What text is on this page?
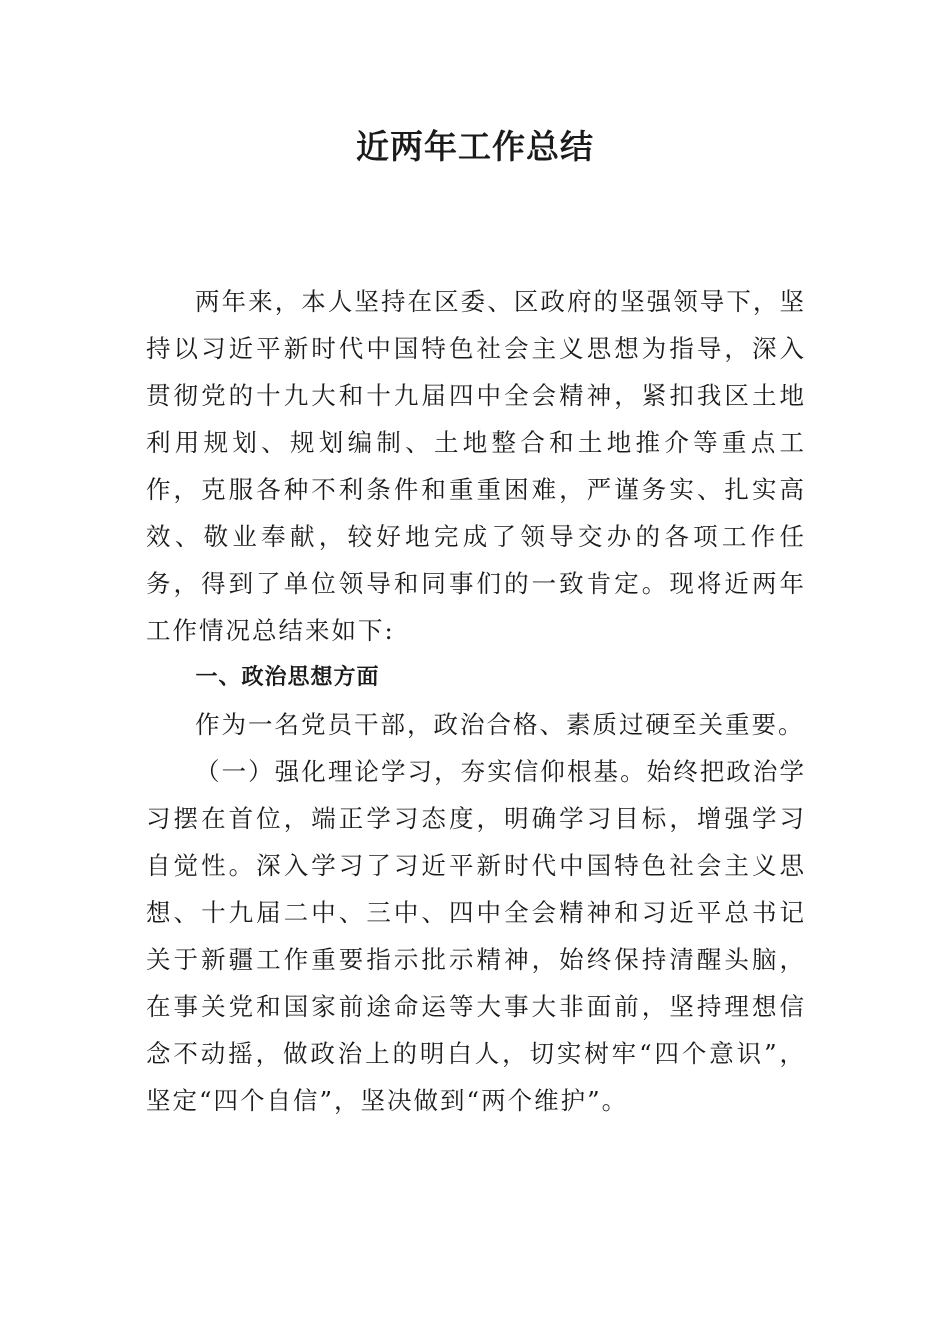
近两年工作总结

两年来，本人坚持在区委、区政府的坚强领导下，坚持以习近平新时代中国特色社会主义思想为指导，深入贯彻党的十九大和十九届四中全会精神，紧扣我区土地利用规划、规划编制、土地整合和土地推介等重点工作，克服各种不利条件和重重困难，严谨务实、扎实高效、敬业奉献，较好地完成了领导交办的各项工作任务，得到了单位领导和同事们的一致肯定。现将近两年工作情况总结来如下:

一、政治思想方面

作为一名党员干部，政治合格、素质过硬至关重要。

（一）强化理论学习，夯实信仰根基。始终把政治学习摆在首位，端正学习态度，明确学习目标，增强学习自觉性。深入学习了习近平新时代中国特色社会主义思想、十九届二中、三中、四中全会精神和习近平总书记关于新疆工作重要指示批示精神，始终保持清醒头脑，在事关党和国家前途命运等大事大非面前，坚持理想信念不动摇，做政治上的明白人，切实树牢“四个意识”，坚定“四个自信”，坚决做到“两个维护”。
